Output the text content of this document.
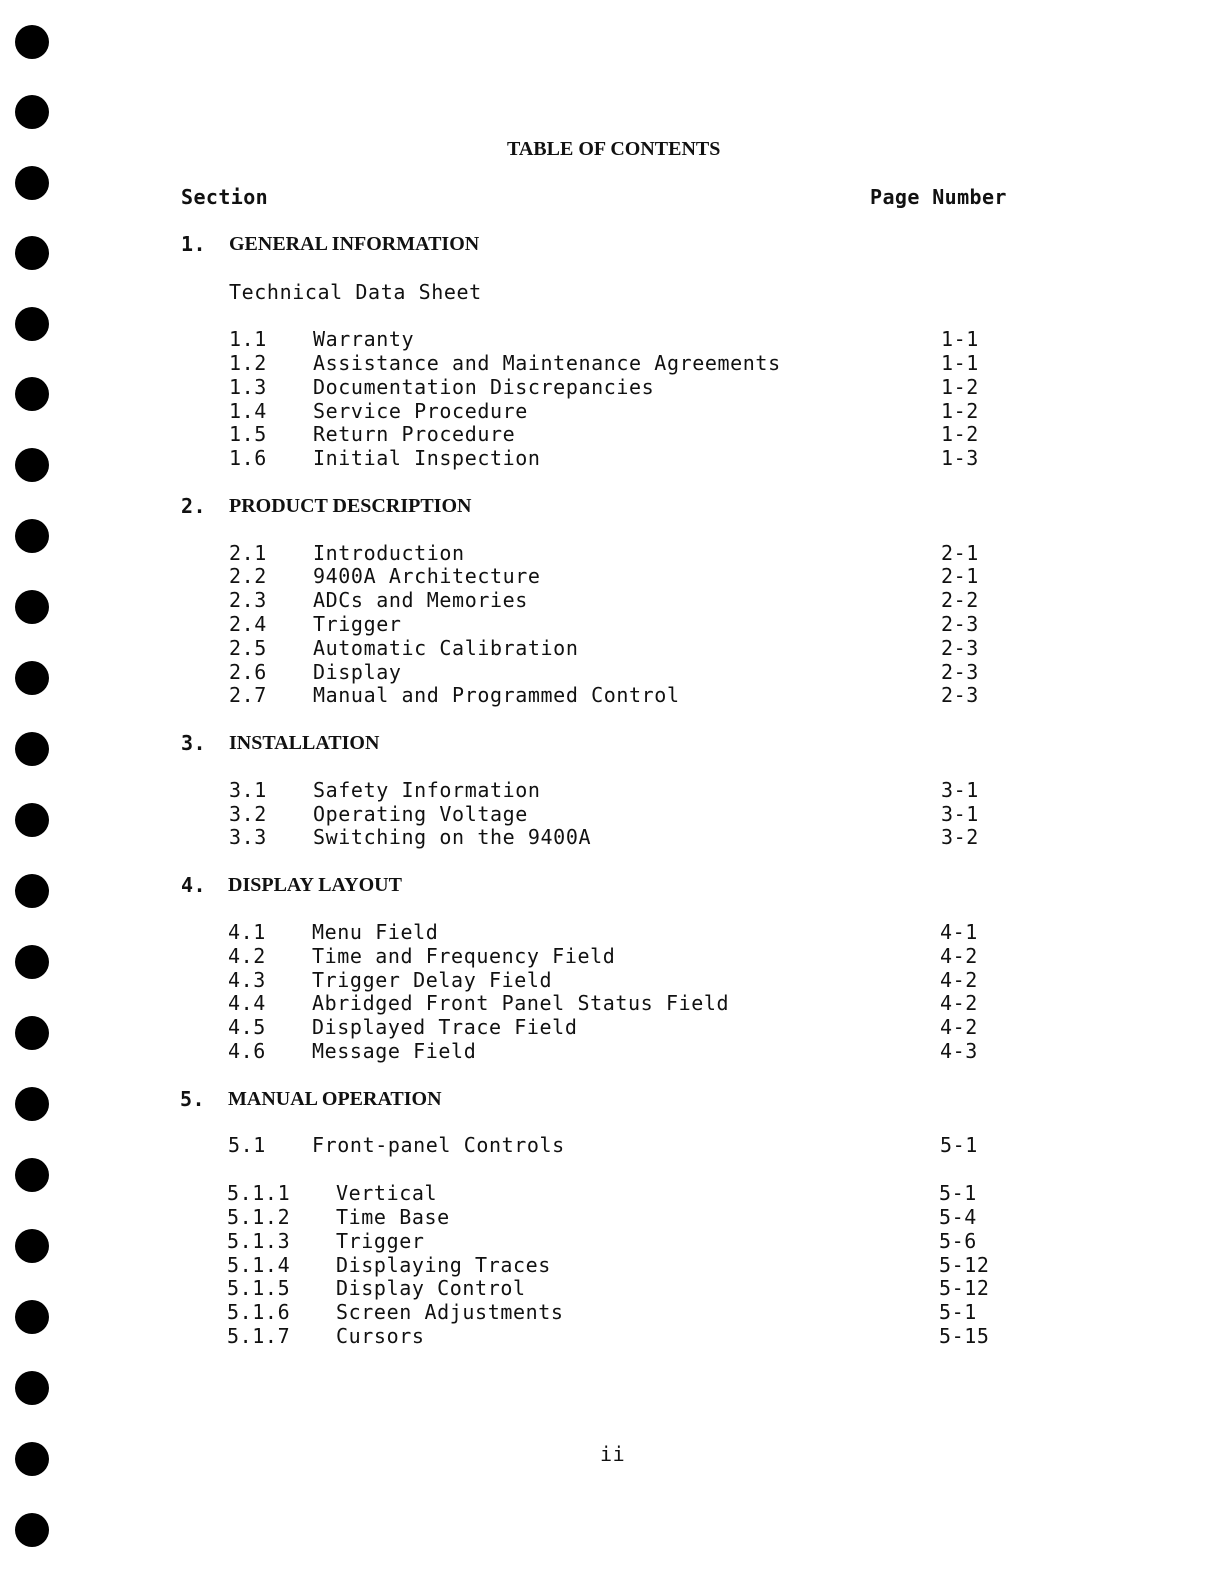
TABLE OF CONTENTS
Section	Page Number
1. GENERAL INFORMATION
Technical Data Sheet
1.1 Warranty	1-1
1.2 Assistance and Maintenance Agreements	1-1
1.3 Documentation Discrepancies	1-2
1.4 Service Procedure	1-2
1.5 Return Procedure	1-2
1.6 Initial Inspection	1-3
2. PRODUCT DESCRIPTION
2.1 Introduction	2-1
2.2 9400A Architecture	2-1
2.3 ADCs and Memories	2-2
2.4 Trigger	2-3
2.5 Automatic Calibration	2-3
2.6 Display	2-3
2.7 Manual and Programmed Control	2-3
3. INSTALLATION
3.1 Safety Information	3-1
3.2 Operating Voltage	3-1
3.3 Switching on the 9400A	3-2
4. DISPLAY LAYOUT
4.1 Menu Field	4-1
4.2 Time and Frequency Field	4-2
4.3 Trigger Delay Field	4-2
4.4 Abridged Front Panel Status Field	4-2
4.5 Displayed Trace Field	4-2
4.6 Message Field	4-3
5. MANUAL OPERATION
5.1 Front-panel Controls	5-1
5.1.1 Vertical	5-1
5.1.2 Time Base	5-4
5.1.3 Trigger	5-6
5.1.4 Displaying Traces	5-12
5.1.5 Display Control	5-12
5.1.6 Screen Adjustments	5-1
5.1.7 Cursors	5-15
ii
